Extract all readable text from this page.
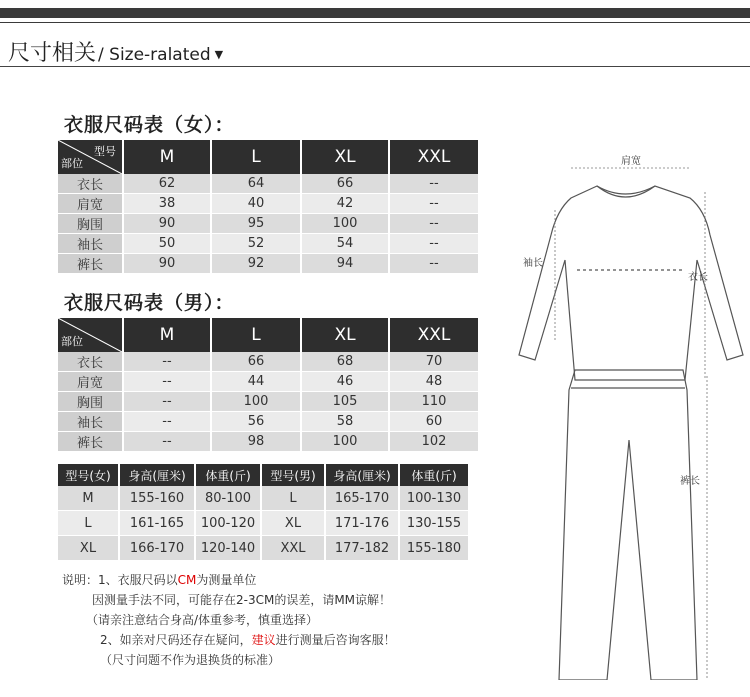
尺寸相关 / Size-ralated ▼
衣服尺码表（女）：
型号
部位	M	L	XL	XXL
衣长	62	64	66	--
肩宽	38	40	42	--
胸围	90	95	100	--
袖长	50	52	54	--
裤长	90	92	94	--
衣服尺码表（男）：
部位	M	L	XL	XXL
衣长	--	66	68	70
肩宽	--	44	46	48
胸围	--	100	105	110
袖长	--	56	58	60
裤长	--	98	100	102
型号(女)	身高(厘米)	体重(斤)	型号(男)	身高(厘米)	体重(斤)
M	155-160	80-100	L	165-170	100-130
L	161-165	100-120	XL	171-176	130-155
XL	166-170	120-140	XXL	177-182	155-180
说明：1、衣服尺码以CM为测量单位
因测量手法不同，可能存在2-3CM的误差，请MM谅解！
（请亲注意结合身高/体重参考，慎重选择）
2、如亲对尺码还存在疑问，建议进行测量后咨询客服！
（尺寸问题不作为退换货的标准）
肩宽
袖长
衣长
裤长
